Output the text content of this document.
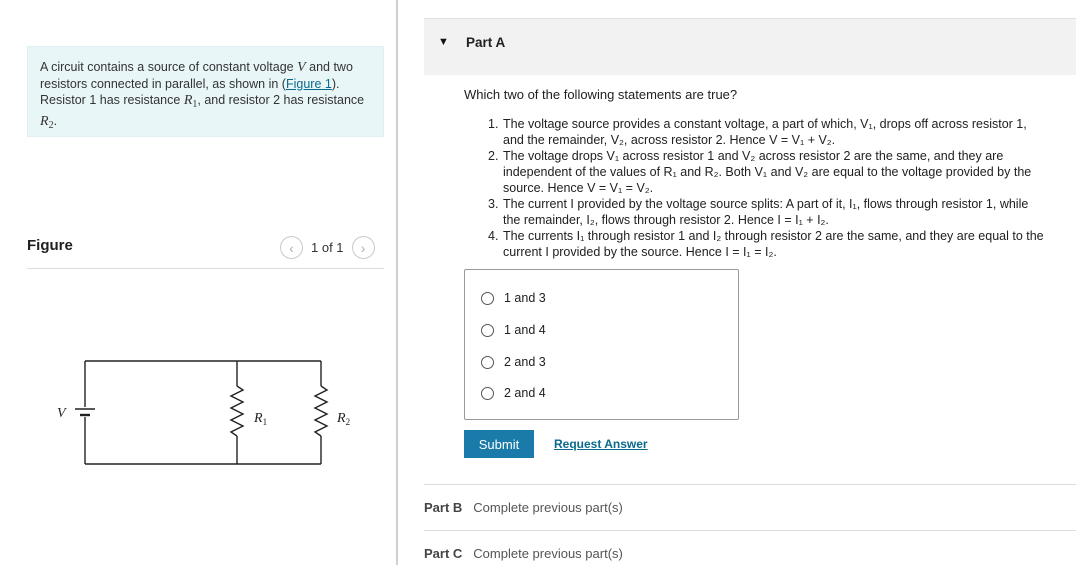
A circuit contains a source of constant voltage V and two resistors connected in parallel, as shown in (Figure 1). Resistor 1 has resistance $R_1$, and resistor 2 has resistance $R_2$.
Figure	‹	1 of 1	›
V	$R_1$	$R_2$
▼ Part A
Which two of the following statements are true?
1. The voltage source provides a constant voltage, a part of which, V₁, drops off across resistor 1, and the remainder, V₂, across resistor 2. Hence V = V₁ + V₂.
2. The voltage drops V₁ across resistor 1 and V₂ across resistor 2 are the same, and they are independent of the values of R₁ and R₂. Both V₁ and V₂ are equal to the voltage provided by the source. Hence V = V₁ = V₂.
3. The current I provided by the voltage source splits: A part of it, I₁, flows through resistor 1, while the remainder, I₂, flows through resistor 2. Hence I = I₁ + I₂.
4. The currents I₁ through resistor 1 and I₂ through resistor 2 are the same, and they are equal to the current I provided by the source. Hence I = I₁ = I₂.
1 and 3
1 and 4
2 and 3
2 and 4
Submit	Request Answer
Part B Complete previous part(s)
Part C Complete previous part(s)
